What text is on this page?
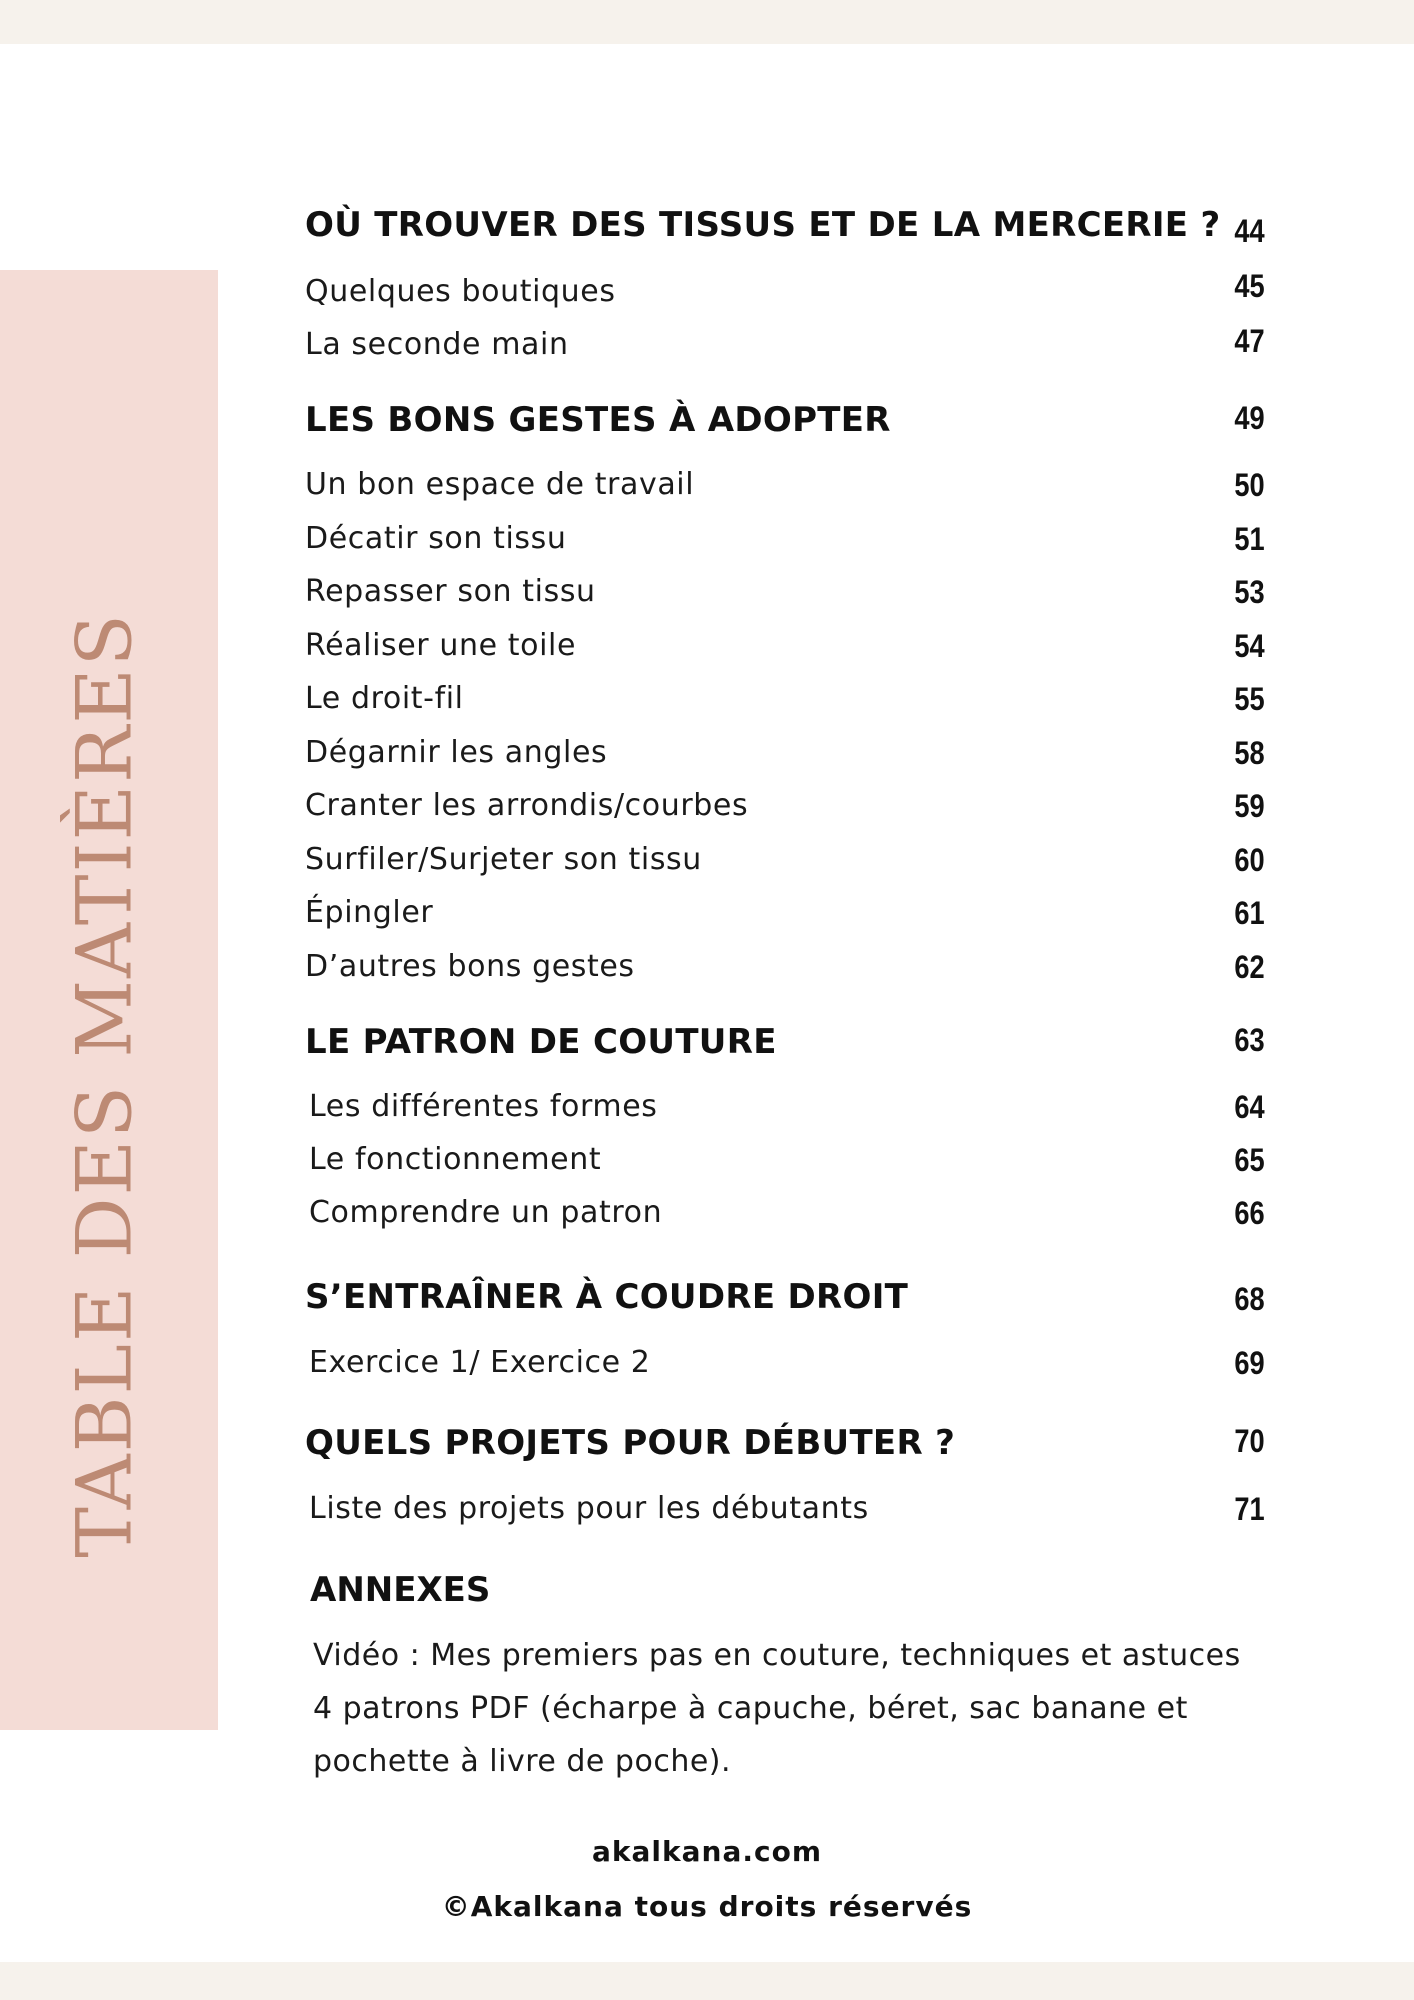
TABLE DES MATIÈRES
OÙ TROUVER DES TISSUS ET DE LA MERCERIE ? 44
Quelques boutiques	45
La seconde main	47
LES BONS GESTES À ADOPTER	49
Un bon espace de travail	50
Décatir son tissu	51
Repasser son tissu	53
Réaliser une toile	54
Le droit-fil	55
Dégarnir les angles	58
Cranter les arrondis/courbes	59
Surfiler/Surjeter son tissu	60
Épingler	61
D’autres bons gestes	62
LE PATRON DE COUTURE	63
Les différentes formes	64
Le fonctionnement	65
Comprendre un patron	66
S’ENTRAÎNER À COUDRE DROIT	68
Exercice 1/ Exercice 2	69
QUELS PROJETS POUR DÉBUTER ?	70
Liste des projets pour les débutants	71
ANNEXES
Vidéo : Mes premiers pas en couture, techniques et astuces
4 patrons PDF (écharpe à capuche, béret, sac banane et
pochette à livre de poche).
akalkana.com
©Akalkana tous droits réservés
